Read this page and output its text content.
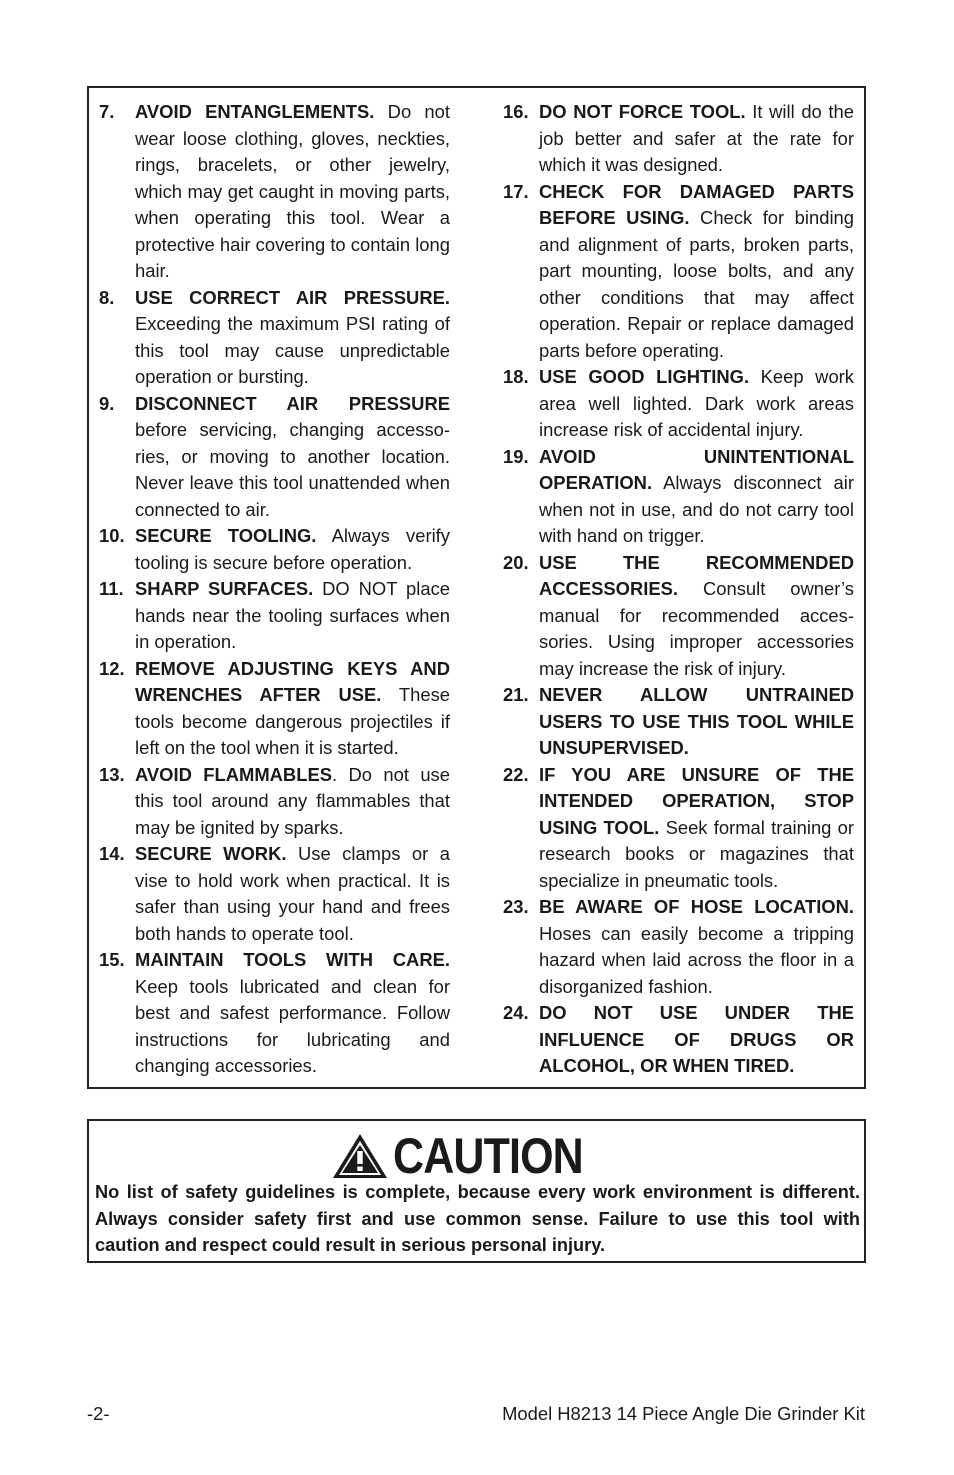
7.	AVOID ENTANGLEMENTS. Do not wear loose clothing, gloves, neckties, rings, bracelets, or other jewelry, which may get caught in moving parts, when operating this tool. Wear a protective hair covering to contain long hair.
8.	USE CORRECT AIR PRESSURE. Exceeding the maximum PSI rating of this tool may cause unpredictable operation or bursting.
9.	DISCONNECT AIR PRESSURE before servicing, changing accessories, or moving to another location. Never leave this tool unattended when connected to air.
10. SECURE TOOLING. Always verify tooling is secure before operation.
11. SHARP SURFACES. DO NOT place hands near the tooling surfaces when in operation.
12. REMOVE ADJUSTING KEYS AND WRENCHES AFTER USE. These tools become dangerous projectiles if left on the tool when it is started.
13. AVOID FLAMMABLES. Do not use this tool around any flammables that may be ignited by sparks.
14. SECURE WORK. Use clamps or a vise to hold work when practical. It is safer than using your hand and frees both hands to operate tool.
15. MAINTAIN TOOLS WITH CARE. Keep tools lubricated and clean for best and safest performance. Follow instructions for lubricating and changing accessories.
16. DO NOT FORCE TOOL. It will do the job better and safer at the rate for which it was designed.
17. CHECK FOR DAMAGED PARTS BEFORE USING. Check for binding and alignment of parts, broken parts, part mounting, loose bolts, and any other conditions that may affect operation. Repair or replace damaged parts before operating.
18. USE GOOD LIGHTING. Keep work area well lighted. Dark work areas increase risk of accidental injury.
19. AVOID UNINTENTIONAL OPERATION. Always disconnect air when not in use, and do not carry tool with hand on trigger.
20. USE THE RECOMMENDED ACCESSORIES. Consult owner’s manual for recommended accessories. Using improper accessories may increase the risk of injury.
21. NEVER ALLOW UNTRAINED USERS TO USE THIS TOOL WHILE UNSUPERVISED.
22. IF YOU ARE UNSURE OF THE INTENDED OPERATION, STOP USING TOOL. Seek formal training or research books or magazines that specialize in pneumatic tools.
23. BE AWARE OF HOSE LOCATION. Hoses can easily become a tripping hazard when laid across the floor in a disorganized fashion.
24. DO NOT USE UNDER THE INFLUENCE OF DRUGS OR ALCOHOL, OR WHEN TIRED.
CAUTION
No list of safety guidelines is complete, because every work environment is different. Always consider safety first and use common sense. Failure to use this tool with caution and respect could result in serious personal injury.
-2-	Model H8213 14 Piece Angle Die Grinder Kit
